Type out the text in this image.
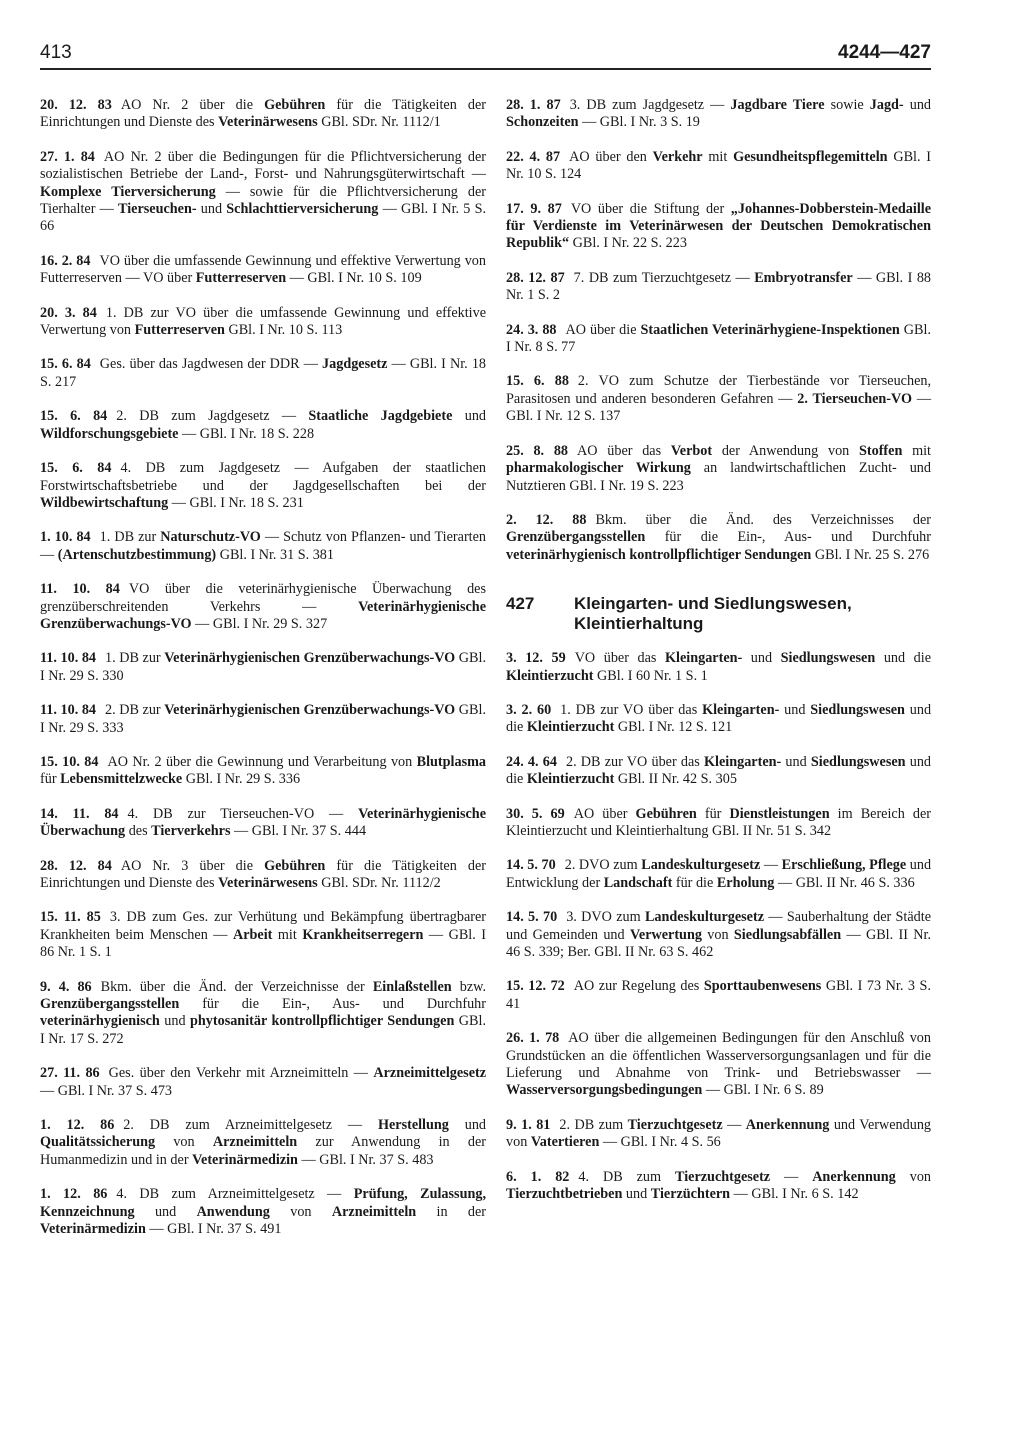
413	4244—427
20. 12. 83 AO Nr. 2 über die Gebühren für die Tätigkeiten der Einrichtungen und Dienste des Veterinärwesens GBl. SDr. Nr. 1112/1
27. 1. 84 AO Nr. 2 über die Bedingungen für die Pflichtversicherung der sozialistischen Betriebe der Land-, Forst- und Nahrungsgüterwirtschaft — Komplexe Tierversicherung — sowie für die Pflichtversicherung der Tierhalter — Tierseuchen- und Schlachttierversicherung — GBl. I Nr. 5 S. 66
16. 2. 84 VO über die umfassende Gewinnung und effektive Verwertung von Futterreserven — VO über Futterreserven — GBl. I Nr. 10 S. 109
20. 3. 84 1. DB zur VO über die umfassende Gewinnung und effektive Verwertung von Futterreserven GBl. I Nr. 10 S. 113
15. 6. 84 Ges. über das Jagdwesen der DDR — Jagdgesetz — GBl. I Nr. 18 S. 217
15. 6. 84 2. DB zum Jagdgesetz — Staatliche Jagdgebiete und Wildforschungsgebiete — GBl. I Nr. 18 S. 228
15. 6. 84 4. DB zum Jagdgesetz — Aufgaben der staatlichen Forstwirtschaftsbetriebe und der Jagdgesellschaften bei der Wildbewirtschaftung — GBl. I Nr. 18 S. 231
1. 10. 84 1. DB zur Naturschutz-VO — Schutz von Pflanzen- und Tierarten — (Artenschutzbestimmung) GBl. I Nr. 31 S. 381
11. 10. 84 VO über die veterinärhygienische Überwachung des grenzüberschreitenden Verkehrs — Veterinärhygienische Grenzüberwachungs-VO — GBl. I Nr. 29 S. 327
11. 10. 84 1. DB zur Veterinärhygienischen Grenzüberwachungs-VO GBl. I Nr. 29 S. 330
11. 10. 84 2. DB zur Veterinärhygienischen Grenzüberwachungs-VO GBl. I Nr. 29 S. 333
15. 10. 84 AO Nr. 2 über die Gewinnung und Verarbeitung von Blutplasma für Lebensmittelzwecke GBl. I Nr. 29 S. 336
14. 11. 84 4. DB zur Tierseuchen-VO — Veterinärhygienische Überwachung des Tierverkehrs — GBl. I Nr. 37 S. 444
28. 12. 84 AO Nr. 3 über die Gebühren für die Tätigkeiten der Einrichtungen und Dienste des Veterinärwesens GBl. SDr. Nr. 1112/2
15. 11. 85 3. DB zum Ges. zur Verhütung und Bekämpfung übertragbarer Krankheiten beim Menschen — Arbeit mit Krankheitserregern — GBl. I 86 Nr. 1 S. 1
9. 4. 86 Bkm. über die Änd. der Verzeichnisse der Einlaßstellen bzw. Grenzübergangsstellen für die Ein-, Aus- und Durchfuhr veterinärhygienisch und phytosanitär kontrollpflichtiger Sendungen GBl. I Nr. 17 S. 272
27. 11. 86 Ges. über den Verkehr mit Arzneimitteln — Arzneimittelgesetz — GBl. I Nr. 37 S. 473
1. 12. 86 2. DB zum Arzneimittelgesetz — Herstellung und Qualitätssicherung von Arzneimitteln zur Anwendung in der Humanmedizin und in der Veterinärmedizin — GBl. I Nr. 37 S. 483
1. 12. 86 4. DB zum Arzneimittelgesetz — Prüfung, Zulassung, Kennzeichnung und Anwendung von Arzneimitteln in der Veterinärmedizin — GBl. I Nr. 37 S. 491
28. 1. 87 3. DB zum Jagdgesetz — Jagdbare Tiere sowie Jagd- und Schonzeiten — GBl. I Nr. 3 S. 19
22. 4. 87 AO über den Verkehr mit Gesundheitspflegemitteln GBl. I Nr. 10 S. 124
17. 9. 87 VO über die Stiftung der „Johannes-Dobberstein-Medaille für Verdienste im Veterinärwesen der Deutschen Demokratischen Republik“ GBl. I Nr. 22 S. 223
28. 12. 87 7. DB zum Tierzuchtgesetz — Embryotransfer — GBl. I 88 Nr. 1 S. 2
24. 3. 88 AO über die Staatlichen Veterinärhygiene-Inspektionen GBl. I Nr. 8 S. 77
15. 6. 88 2. VO zum Schutze der Tierbestände vor Tierseuchen, Parasitosen und anderen besonderen Gefahren — 2. Tierseuchen-VO — GBl. I Nr. 12 S. 137
25. 8. 88 AO über das Verbot der Anwendung von Stoffen mit pharmakologischer Wirkung an landwirtschaftlichen Zucht- und Nutztieren GBl. I Nr. 19 S. 223
2. 12. 88 Bkm. über die Änd. des Verzeichnisses der Grenzübergangsstellen für die Ein-, Aus- und Durchfuhr veterinärhygienisch kontrollpflichtiger Sendungen GBl. I Nr. 25 S. 276
427	Kleingarten- und Siedlungswesen, Kleintierhaltung
3. 12. 59 VO über das Kleingarten- und Siedlungswesen und die Kleintierzucht GBl. I 60 Nr. 1 S. 1
3. 2. 60 1. DB zur VO über das Kleingarten- und Siedlungswesen und die Kleintierzucht GBl. I Nr. 12 S. 121
24. 4. 64 2. DB zur VO über das Kleingarten- und Siedlungswesen und die Kleintierzucht GBl. II Nr. 42 S. 305
30. 5. 69 AO über Gebühren für Dienstleistungen im Bereich der Kleintierzucht und Kleintierhaltung GBl. II Nr. 51 S. 342
14. 5. 70 2. DVO zum Landeskulturgesetz — Erschließung, Pflege und Entwicklung der Landschaft für die Erholung — GBl. II Nr. 46 S. 336
14. 5. 70 3. DVO zum Landeskulturgesetz — Sauberhaltung der Städte und Gemeinden und Verwertung von Siedlungsabfällen — GBl. II Nr. 46 S. 339; Ber. GBl. II Nr. 63 S. 462
15. 12. 72 AO zur Regelung des Sporttaubenwesens GBl. I 73 Nr. 3 S. 41
26. 1. 78 AO über die allgemeinen Bedingungen für den Anschluß von Grundstücken an die öffentlichen Wasserversorgungsanlagen und für die Lieferung und Abnahme von Trink- und Betriebswasser — Wasserversorgungsbedingungen — GBl. I Nr. 6 S. 89
9. 1. 81 2. DB zum Tierzuchtgesetz — Anerkennung und Verwendung von Vatertieren — GBl. I Nr. 4 S. 56
6. 1. 82 4. DB zum Tierzuchtgesetz — Anerkennung von Tierzuchtbetrieben und Tierzüchtern — GBl. I Nr. 6 S. 142
